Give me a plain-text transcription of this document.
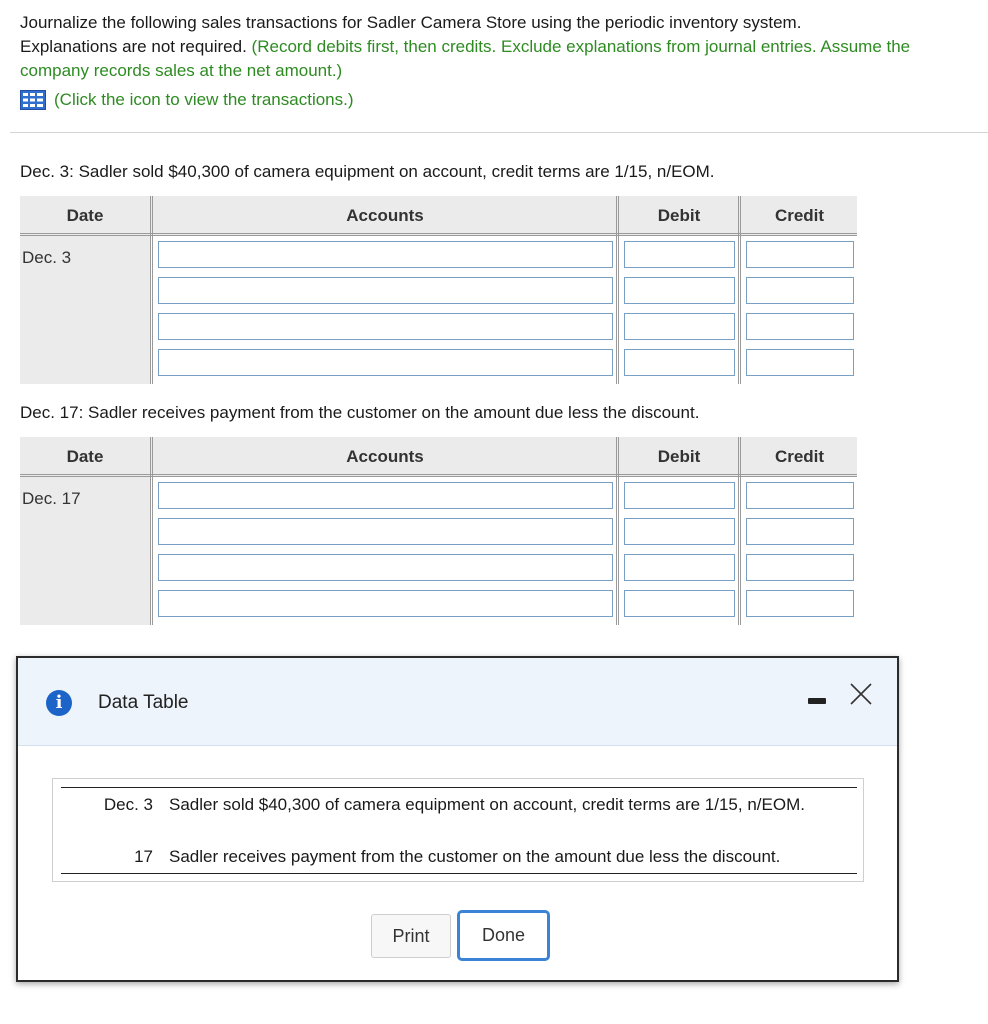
Journalize the following sales transactions for Sadler Camera Store using the periodic inventory system.
Explanations are not required. (Record debits first, then credits. Exclude explanations from journal entries. Assume the company records sales at the net amount.)
(Click the icon to view the transactions.)
Dec. 3: Sadler sold $40,300 of camera equipment on account, credit terms are 1/15, n/EOM.
Date	Accounts	Debit	Credit
Dec. 3
Dec. 17: Sadler receives payment from the customer on the amount due less the discount.
Date	Accounts	Debit	Credit
Dec. 17
i	Data Table
Dec. 3 Sadler sold $40,300 of camera equipment on account, credit terms are 1/15, n/EOM.
17 Sadler receives payment from the customer on the amount due less the discount.
Print	Done
